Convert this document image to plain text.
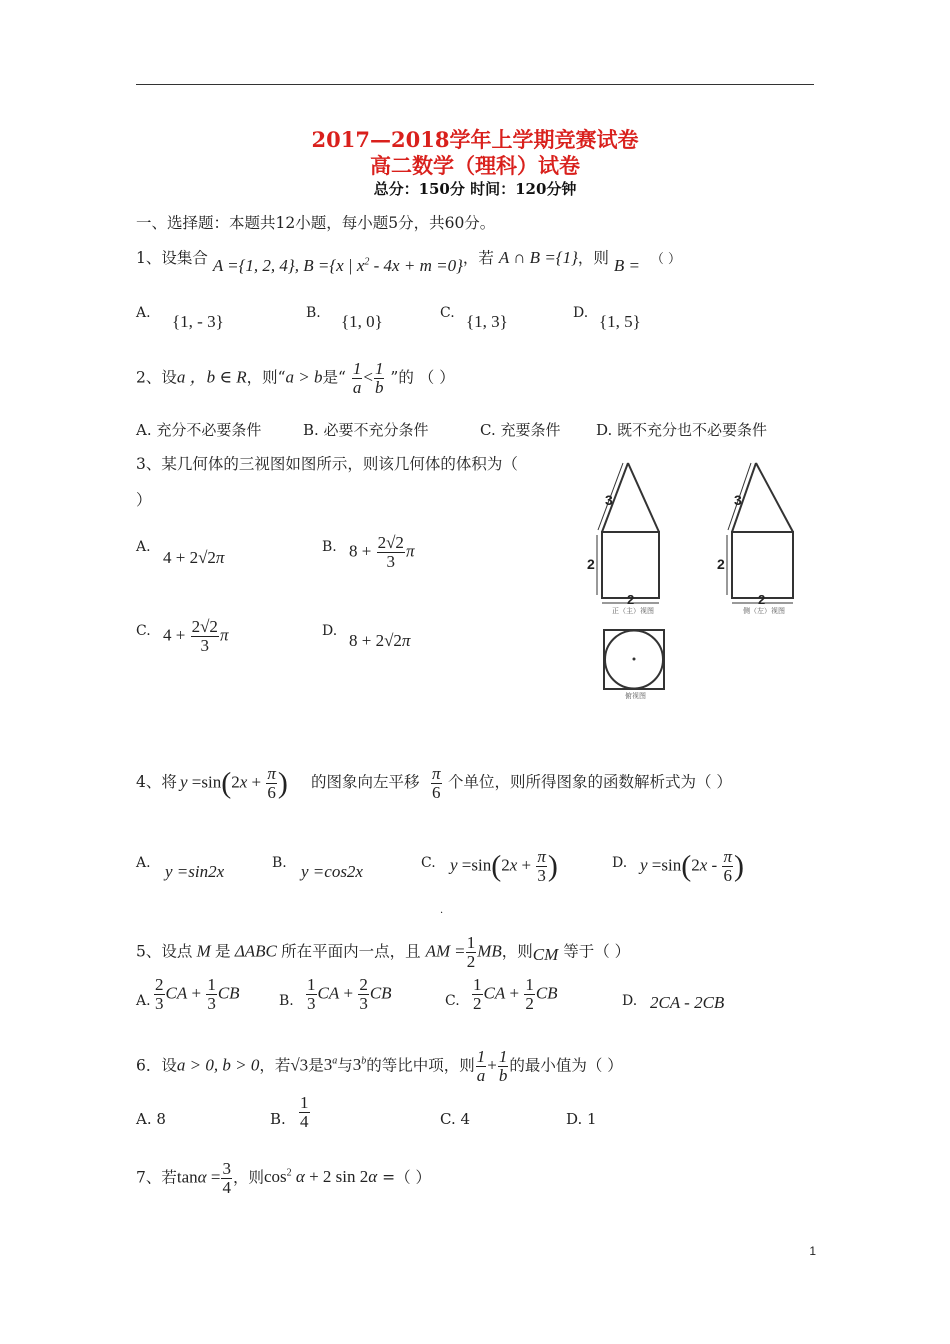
2017—2018学年上学期竞赛试卷
高二数学（理科）试卷
总分：150分 时间：120分钟
一、选择题：本题共12小题，每小题5分，共60分。
1、设集合 A ={1, 2, 4}, B ={x | $x^2 - 4x + m =0$}，若 A ∩ B ={1}，则 B = （ ）
A. {1, - 3}	B. {1, 0}	C. {1, 3}	D. {1, 5}
2、设a ，b ∈ R，则“a > b是“ $\frac{1}{a} < \frac{1}{b}$ ”的 （ ）
A. 充分不必要条件	B. 必要不充分条件	C. 充要条件 D. 既不充分也不必要条件
3、某几何体的三视图如图所示，则该几何体的体积为（
）
A.
4 + 2√2π
B. $8 + \frac{2√2}{3}$ π
C. $4 + \frac{2√2}{3}$ π	D. 8 + 2√2π
3
2
2
正（主）视图
3
2
2
侧（左）视图
俯视图
4、将 $y =\sin(2x + \frac{\pi}{6}$ ) 的图象向左平移 $\frac{\pi}{6}$ 个单位，则所得图象的函数解析式为（ ）
A. y =sin2x	B. y =cos2x	C. $y =\sin(2x + \frac{\pi}{3}$ )	D. $y =\sin(2x - \frac{\pi}{6}$ )
·
5、设点 M 是 ΔABC 所在平面内一点，且 AM = $\frac{1}{2}$ MB，则CM 等于（ ）
A. $\frac{2}{3}$ CA + $\frac{1}{3}$ CB	B. $\frac{1}{3}$ CA + $\frac{2}{3}$ CB	C. $\frac{1}{2}$ CA + $\frac{1}{2}$ CB	D. 2CA - 2CB
6．设a > 0, b > 0，若√3是3$^a$与3$^b$的等比中项，则 $\frac{1}{a} + \frac{1}{b}$ 的最小值为（ ）
A. 8	B. $\frac{1}{4}$	C. 4	D. 1
7、若$\tan\alpha = \frac{3}{4}$ ，则$\cos^2 \alpha + 2$ sin 2α =（ ）
1
